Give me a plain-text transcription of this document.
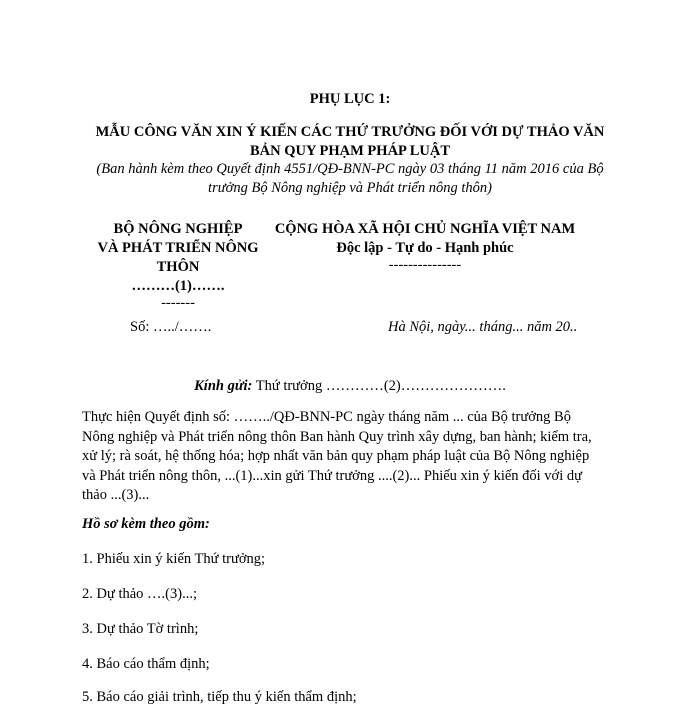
PHỤ LỤC 1:
MẪU CÔNG VĂN XIN Ý KIẾN CÁC THỨ TRƯỞNG ĐỐI VỚI DỰ THẢO VĂN
BẢN QUY PHẠM PHÁP LUẬT
(Ban hành kèm theo Quyết định 4551/QĐ-BNN-PC ngày 03 tháng 11 năm 2016 của Bộ
trưởng Bộ Nông nghiệp và Phát triển nông thôn)
BỘ NÔNG NGHIỆP
VÀ PHÁT TRIỂN NÔNG
THÔN
………(1)…….
-------
CỘNG HÒA XÃ HỘI CHỦ NGHĨA VIỆT NAM
Độc lập - Tự do - Hạnh phúc
---------------
Số: …../…….	Hà Nội, ngày... tháng... năm 20..
Kính gửi: Thứ trưởng …………(2)………………….
Thực hiện Quyết định số: ……../QĐ-BNN-PC ngày tháng năm ... của Bộ trưởng Bộ
Nông nghiệp và Phát triển nông thôn Ban hành Quy trình xây dựng, ban hành; kiểm tra,
xử lý; rà soát, hệ thống hóa; hợp nhất văn bản quy phạm pháp luật của Bộ Nông nghiệp
và Phát triển nông thôn, ...(1)...xin gửi Thứ trưởng ....(2)... Phiếu xin ý kiến đối với dự
thảo ...(3)...
Hồ sơ kèm theo gồm:
1. Phiếu xin ý kiến Thứ trưởng;
2. Dự thảo ….(3)...;
3. Dự thảo Tờ trình;
4. Báo cáo thẩm định;
5. Báo cáo giải trình, tiếp thu ý kiến thẩm định;
